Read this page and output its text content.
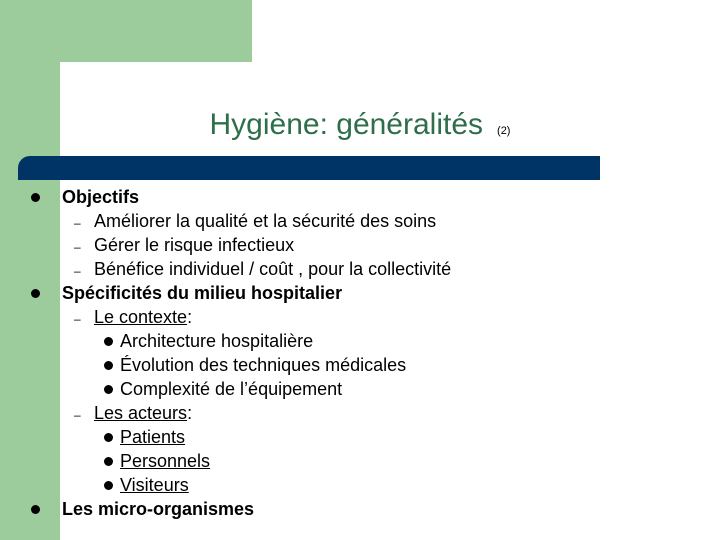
Hygiène: généralités (2)
Objectifs
– Améliorer la qualité et la sécurité des soins
– Gérer le risque infectieux
– Bénéfice individuel / coût , pour la collectivité
Spécificités du milieu hospitalier
– Le contexte:
Architecture hospitalière
Évolution des techniques médicales
Complexité de l’équipement
– Les acteurs:
Patients
Personnels
Visiteurs
Les micro-organismes
